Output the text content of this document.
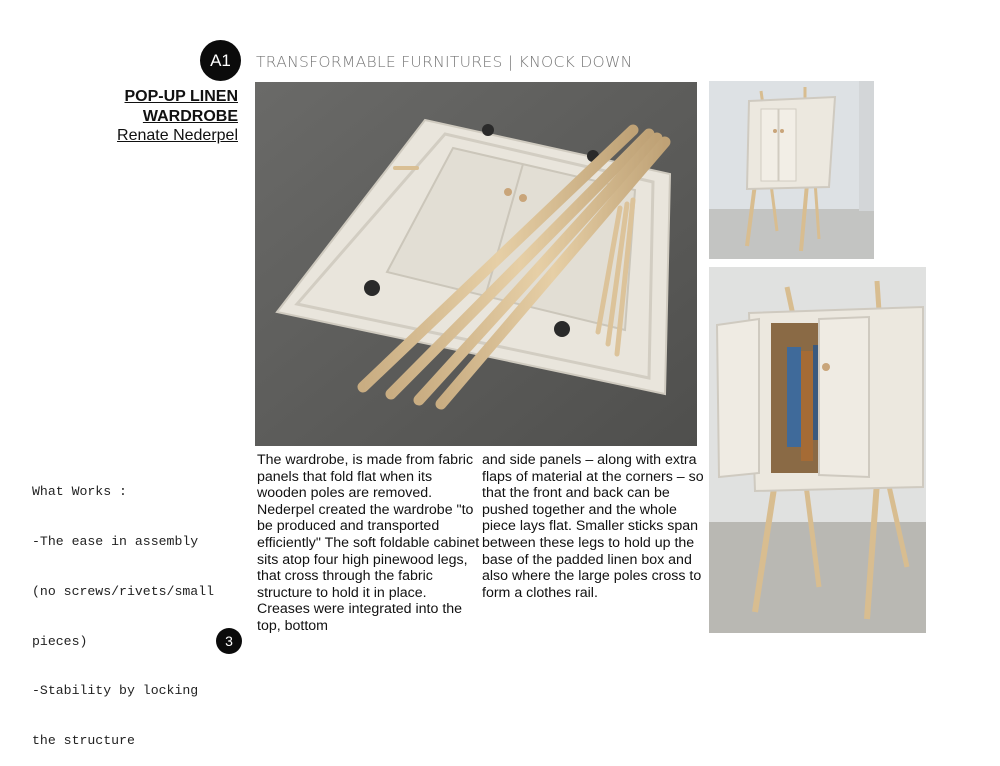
A1 TRANSFORMABLE FURNITURES | KNOCK DOWN
POP-UP LINEN
WARDROBE
Renate Nederpel

What Works :

-The ease in assembly

(no screws/rivets/small

pieces)

-Stability by locking

the structure

The wardrobe, is made from fabric panels that fold flat when its wooden poles are removed. Nederpel created the wardrobe "to be produced and transported efficiently" The soft foldable cabinet sits atop four high pinewood legs, that cross through the fabric structure to hold it in place. Creases were integrated into the top, bottom
and side panels – along with extra flaps of material at the corners – so that the front and back can be pushed together and the whole piece lays flat. Smaller sticks span between these legs to hold up the base of the padded linen box and also where the large poles cross to form a clothes rail.
3
